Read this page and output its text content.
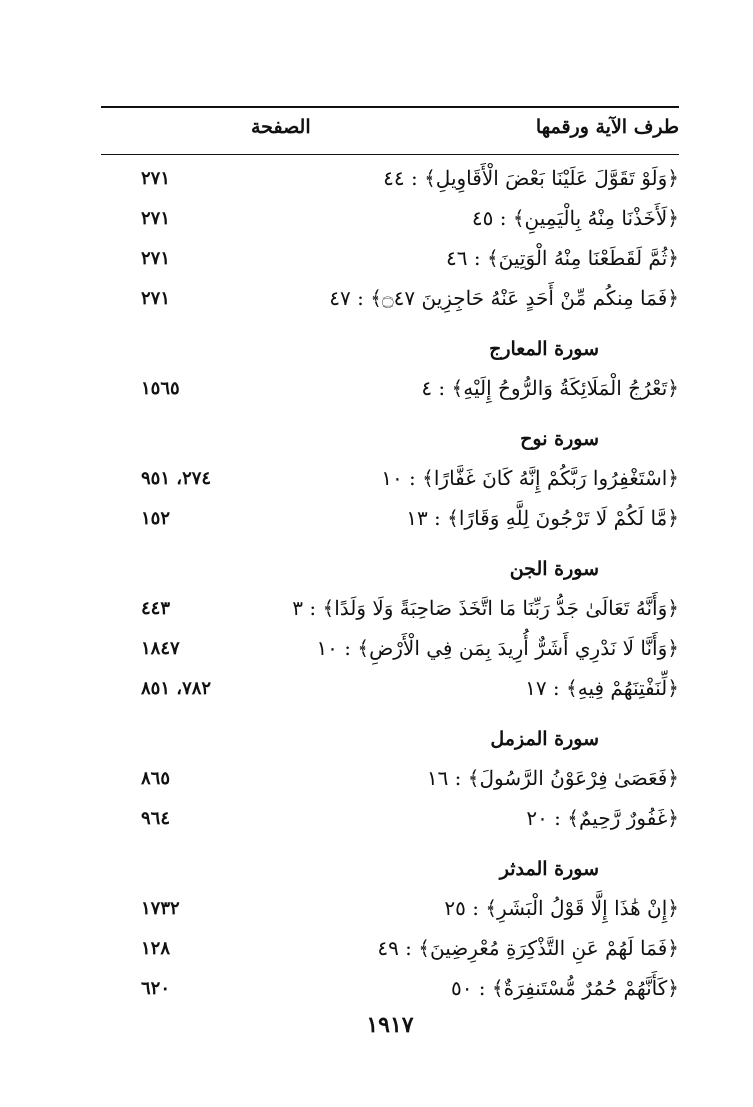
طرف الآية ورقمها
الصفحة
﴿وَلَوْ تَقَوَّلَ عَلَيْنَا بَعْضَ الْأَقَاوِيلِ﴾ : ٤٤
٢٧١
﴿لَأَخَذْنَا مِنْهُ بِالْيَمِينِ﴾ : ٤٥
٢٧١
﴿ثُمَّ لَقَطَعْنَا مِنْهُ الْوَتِينَ﴾ : ٤٦
٢٧١
﴿فَمَا مِنكُم مِّنْ أَحَدٍ عَنْهُ حَاجِزِينَ ۝٤٧﴾ : ٤٧
٢٧١
سورة المعارج
﴿تَعْرُجُ الْمَلَائِكَةُ وَالرُّوحُ إِلَيْهِ﴾ : ٤
١٥٦٥
سورة نوح
﴿اسْتَغْفِرُوا رَبَّكُمْ إِنَّهُ كَانَ غَفَّارًا﴾ : ١٠
٢٧٤، ٩٥١
﴿مَّا لَكُمْ لَا تَرْجُونَ لِلَّهِ وَقَارًا﴾ : ١٣
١٥٢
سورة الجن
﴿وَأَنَّهُ تَعَالَىٰ جَدُّ رَبِّنَا مَا اتَّخَذَ صَاحِبَةً وَلَا وَلَدًا﴾ : ٣
٤٤٣
﴿وَأَنَّا لَا نَدْرِي أَشَرٌّ أُرِيدَ بِمَن فِي الْأَرْضِ﴾ : ١٠
١٨٤٧
﴿لِّنَفْتِنَهُمْ فِيهِ﴾ : ١٧
٧٨٢، ٨٥١
سورة المزمل
﴿فَعَصَىٰ فِرْعَوْنُ الرَّسُولَ﴾ : ١٦
٨٦٥
﴿غَفُورٌ رَّحِيمٌ﴾ : ٢٠
٩٦٤
سورة المدثر
﴿إِنْ هَٰذَا إِلَّا قَوْلُ الْبَشَرِ﴾ : ٢٥
١٧٣٢
﴿فَمَا لَهُمْ عَنِ التَّذْكِرَةِ مُعْرِضِينَ﴾ : ٤٩
١٢٨
﴿كَأَنَّهُمْ حُمُرٌ مُّسْتَنفِرَةٌ﴾ : ٥٠
٦٢٠
١٩١٧
